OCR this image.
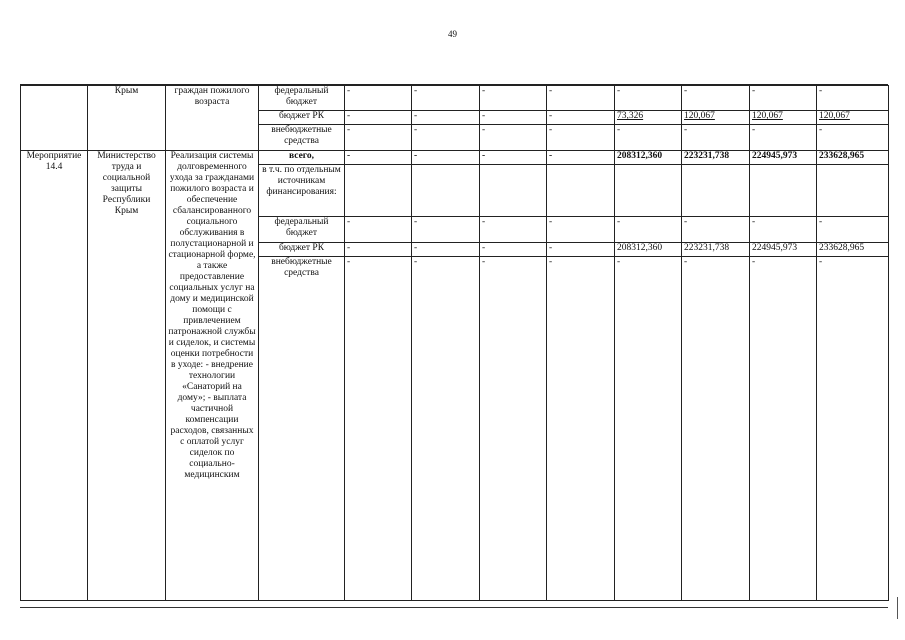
49
	Крым	граждан пожилого возраста	федеральный бюджет	-	-	-	-	-	-	-	-
			бюджет РК	-	-	-	-	73,326	120,067	120,067	120,067
			внебюджетные средства	-	-	-	-	-	-	-	-
Мероприятие 14.4	Министерство труда и социальной защиты Республики Крым	Реализация системы долговременного ухода за гражданами пожилого возраста и обеспечение сбалансированного социального обслуживания в полустационарной и стационарной форме, а также предоставление социальных услуг на дому и медицинской помощи с привлечением патронажной службы и сиделок, и системы оценки потребности в уходе: - внедрение технологии «Санаторий на дому»; - выплата частичной компенсации расходов, связанных с оплатой услуг сиделок по социально-медицинским	всего,	-	-	-	-	208312,360	223231,738	224945,973	233628,965
			в т.ч. по отдельным источникам финансирования:								
			федеральный бюджет	-	-	-	-	-	-	-	-
			бюджет РК	-	-	-	-	208312,360	223231,738	224945,973	233628,965
			внебюджетные средства	-	-	-	-	-	-	-	-
